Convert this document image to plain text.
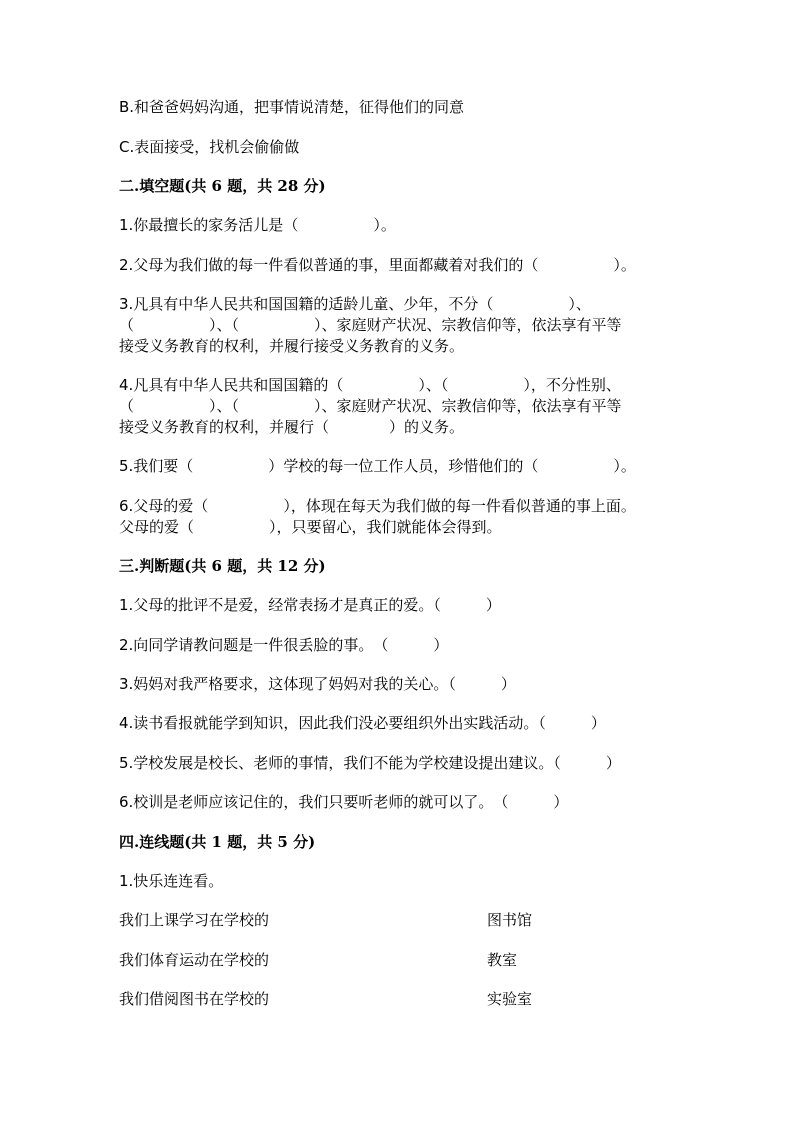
B.和爸爸妈妈沟通，把事情说清楚，征得他们的同意
C.表面接受，找机会偷偷做
二.填空题(共 6 题，共 28 分)
1.你最擅长的家务活儿是（　　　　　）。
2.父母为我们做的每一件看似普通的事，里面都藏着对我们的（　　　　　）。
3.凡具有中华人民共和国国籍的适龄儿童、少年，不分（　　　　　）、
（　　　　　）、（　　　　　）、家庭财产状况、宗教信仰等，依法享有平等
接受义务教育的权利，并履行接受义务教育的义务。
4.凡具有中华人民共和国国籍的（　　　　　）、（　　　　　），不分性别、
（　　　　　）、（　　　　　）、家庭财产状况、宗教信仰等，依法享有平等
接受义务教育的权利，并履行（　　　　）的义务。
5.我们要（　　　　　）学校的每一位工作人员，珍惜他们的（　　　　　）。
6.父母的爱（　　　　　），体现在每天为我们做的每一件看似普通的事上面。
父母的爱（　　　　　），只要留心，我们就能体会得到。
三.判断题(共 6 题，共 12 分)
1.父母的批评不是爱，经常表扬才是真正的爱。（　　　）
2.向同学请教问题是一件很丢脸的事。　（　　　）
3.妈妈对我严格要求，这体现了妈妈对我的关心。（　　　）
4.读书看报就能学到知识，因此我们没必要组织外出实践活动。（　　　）
5.学校发展是校长、老师的事情，我们不能为学校建设提出建议。（　　　）
6.校训是老师应该记住的，我们只要听老师的就可以了。　（　　　）
四.连线题(共 1 题，共 5 分)
1.快乐连连看。
我们上课学习在学校的	图书馆
我们体育运动在学校的	教室
我们借阅图书在学校的	实验室
